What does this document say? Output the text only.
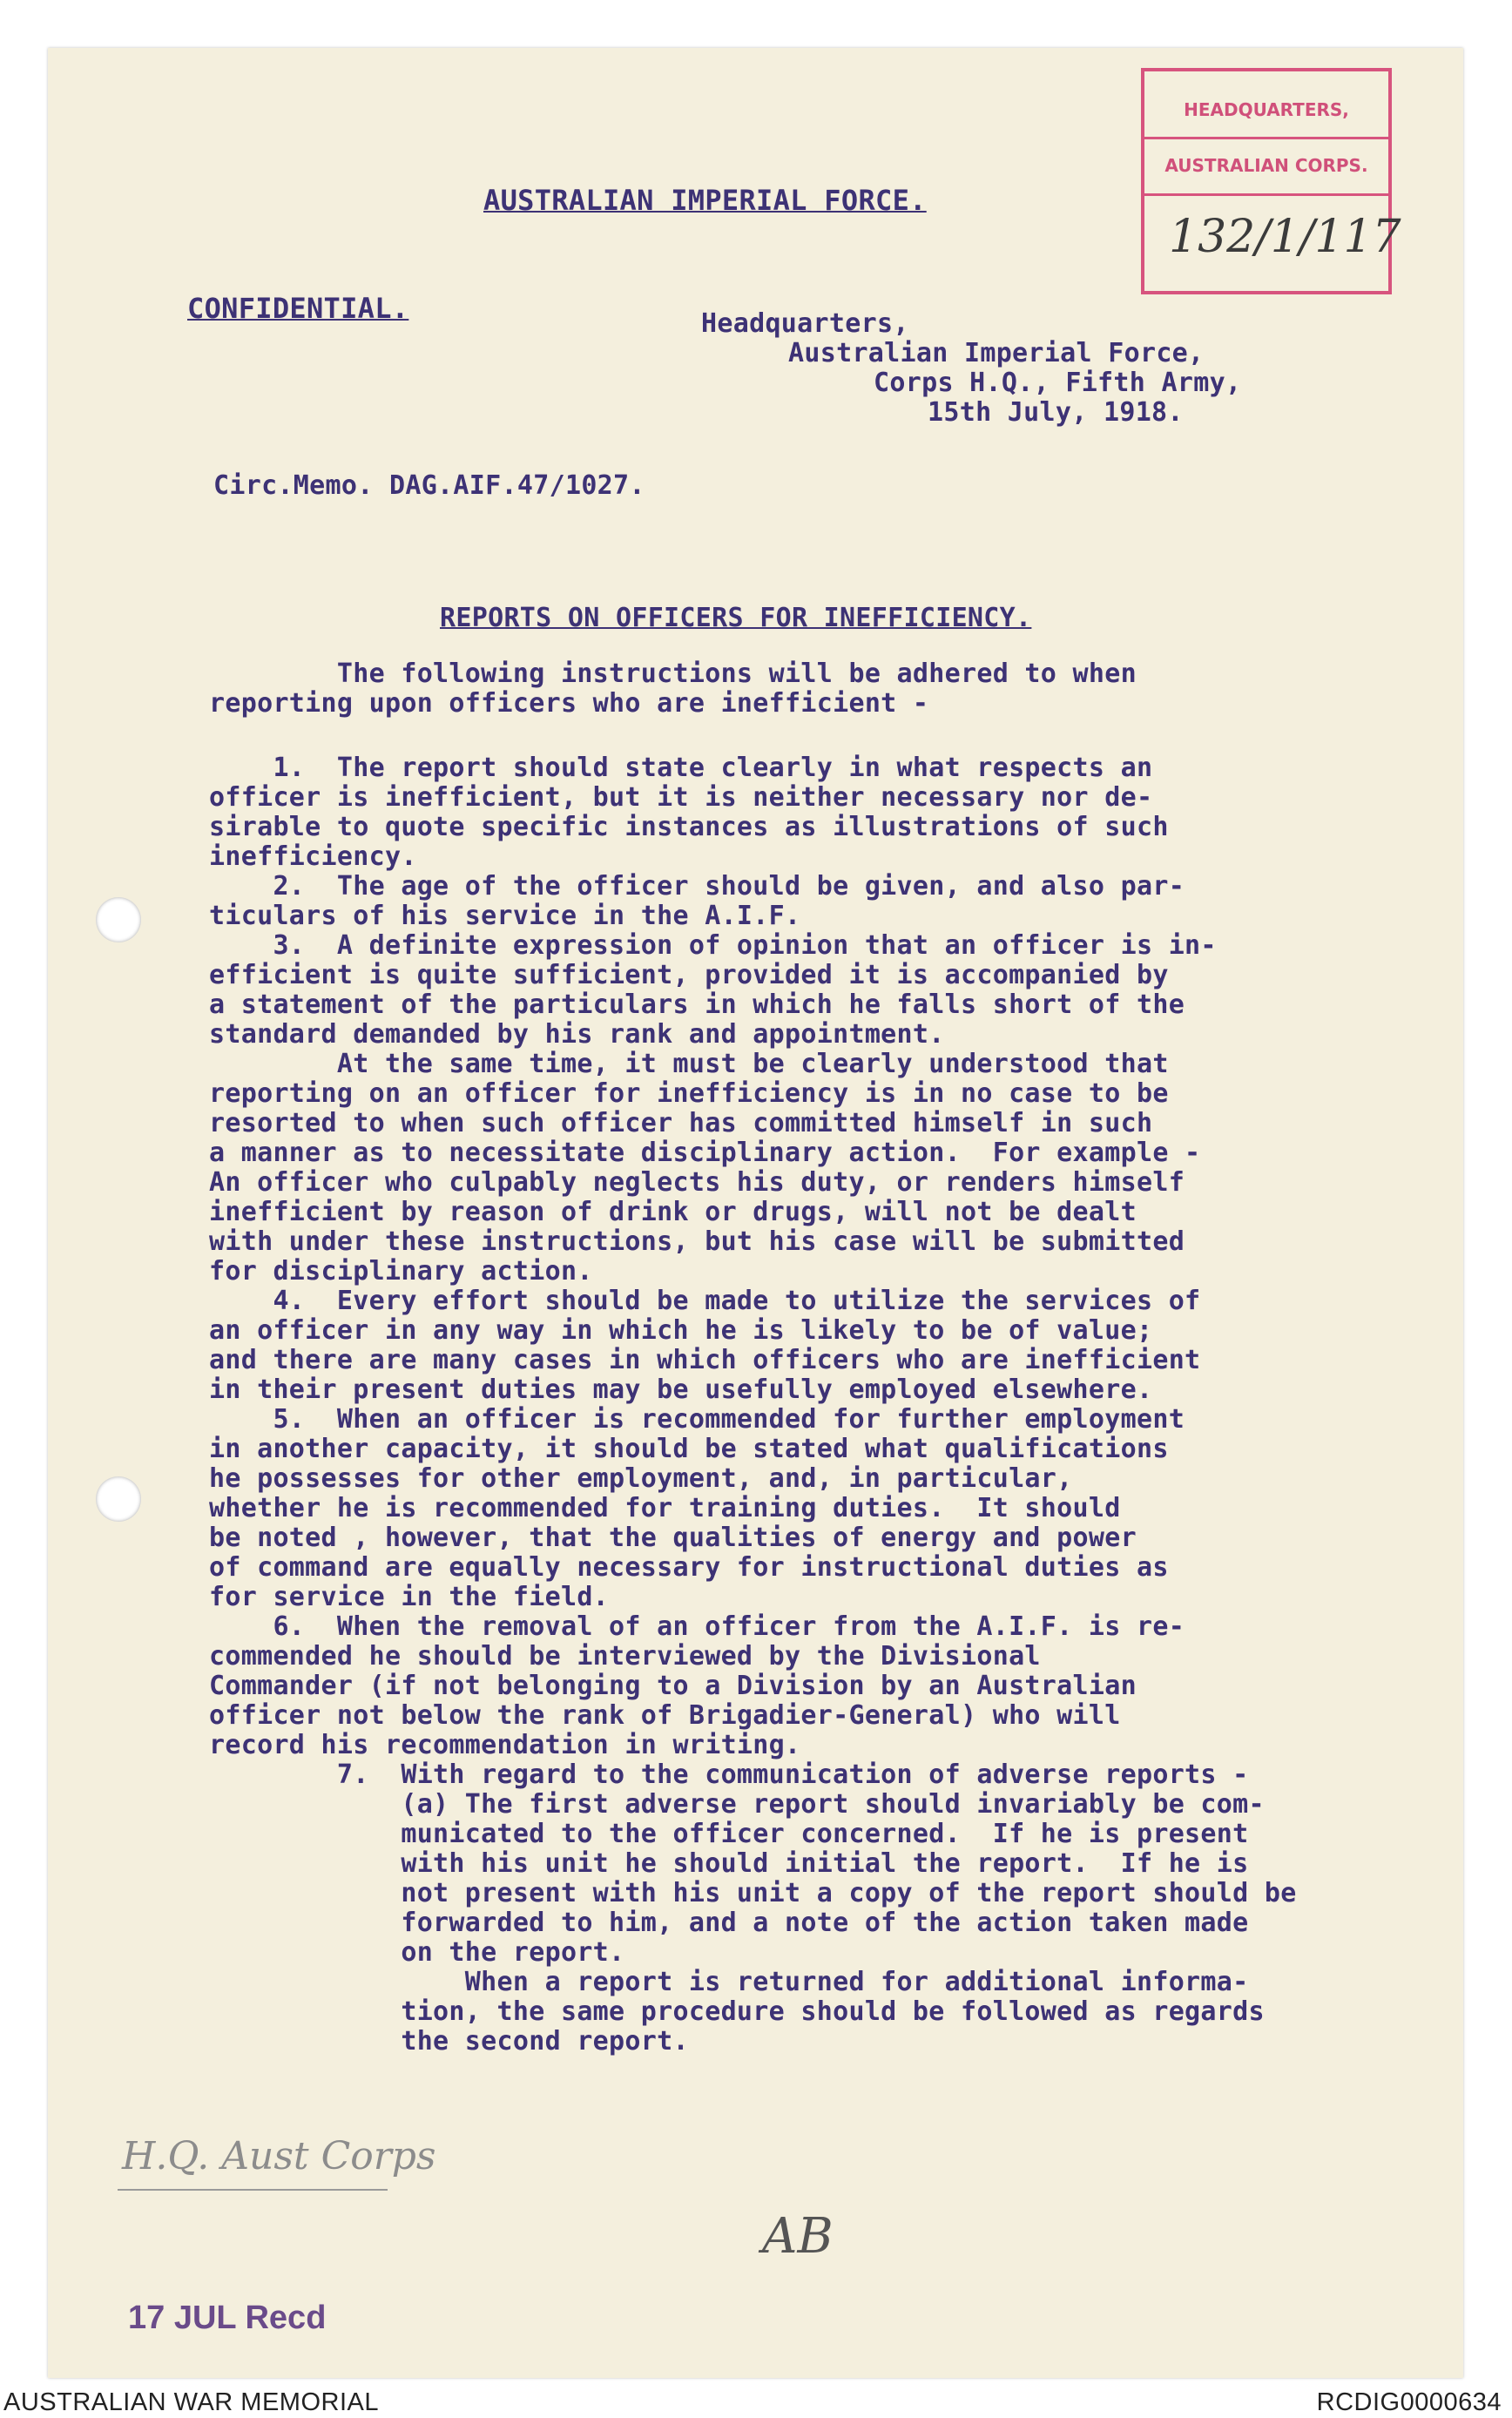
HEADQUARTERS,
AUSTRALIAN CORPS.
132/1/117
AUSTRALIAN IMPERIAL FORCE.
CONFIDENTIAL.	Headquarters,
Australian Imperial Force,
Corps H.Q., Fifth Army,
15th July, 1918.
Circ.Memo. DAG.AIF.47/1027.
REPORTS ON OFFICERS FOR INEFFICIENCY.
The following instructions will be adhered to when
reporting upon officers who are inefficient -
1.  The report should state clearly in what respects an
officer is inefficient, but it is neither necessary nor de-
sirable to quote specific instances as illustrations of such
inefficiency.
2.  The age of the officer should be given, and also par-
ticulars of his service in the A.I.F.
3.  A definite expression of opinion that an officer is in-
efficient is quite sufficient, provided it is accompanied by
a statement of the particulars in which he falls short of the
standard demanded by his rank and appointment.
At the same time, it must be clearly understood that
reporting on an officer for inefficiency is in no case to be
resorted to when such officer has committed himself in such
a manner as to necessitate disciplinary action.  For example -
An officer who culpably neglects his duty, or renders himself
inefficient by reason of drink or drugs, will not be dealt
with under these instructions, but his case will be submitted
for disciplinary action.
4.  Every effort should be made to utilize the services of
an officer in any way in which he is likely to be of value;
and there are many cases in which officers who are inefficient
in their present duties may be usefully employed elsewhere.
5.  When an officer is recommended for further employment
in another capacity, it should be stated what qualifications
he possesses for other employment, and, in particular,
whether he is recommended for training duties.  It should
be noted , however, that the qualities of energy and power
of command are equally necessary for instructional duties as
for service in the field.
6.  When the removal of an officer from the A.I.F. is re-
commended he should be interviewed by the Divisional
Commander (if not belonging to a Division by an Australian
officer not below the rank of Brigadier-General) who will
record his recommendation in writing.
7.  With regard to the communication of adverse reports -
(a) The first adverse report should invariably be com-
municated to the officer concerned.  If he is present
with his unit he should initial the report.  If he is
not present with his unit a copy of the report should be
forwarded to him, and a note of the action taken made
on the report.
When a report is returned for additional informa-
tion, the same procedure should be followed as regards
the second report.
H.Q. Aust Corps
AB
17 JUL Recd
AUSTRALIAN WAR MEMORIAL	RCDIG0000634
